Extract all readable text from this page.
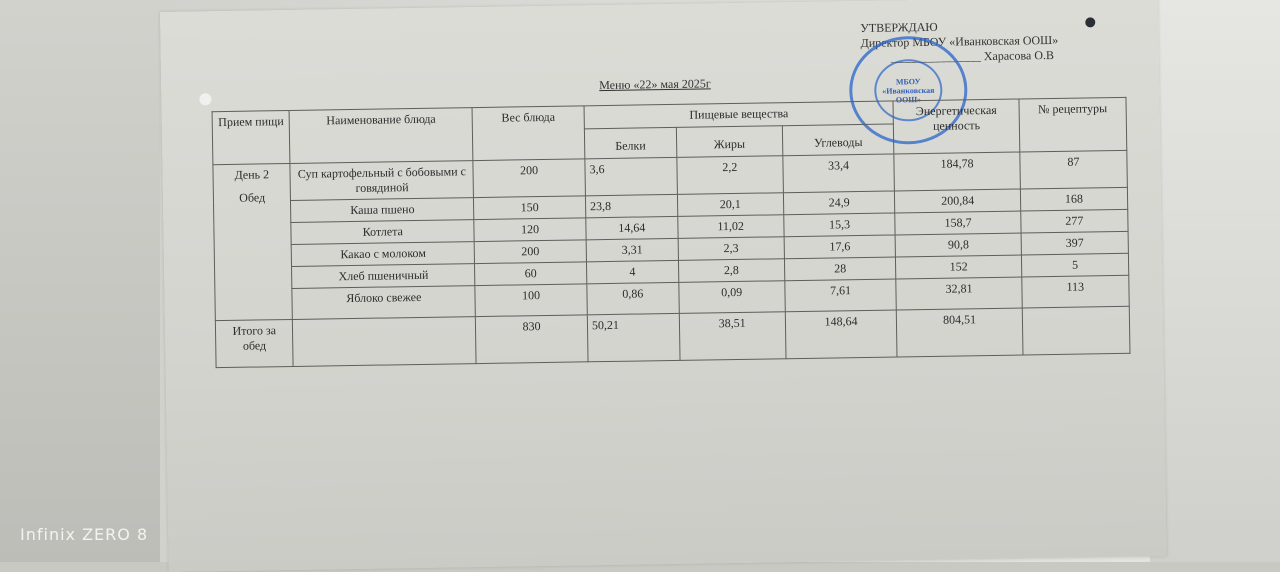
УТВЕРЖДАЮ
Директор МБОУ «Иванковская ООШ»
_______________ Харасова О.В
МБОУ
«Иванковская
ООШ»
Меню «22» мая 2025г
Прием пищи	Наименование блюда	Вес блюда	Пищевые вещества			Энергетическая ценность	№ рецептуры
			Белки	Жиры	Углеводы		

День 2
Обед	Суп картофельный с бобовыми с говядиной	200	3,6	2,2	33,4	184,78	87
	Каша пшено	150	23,8	20,1	24,9	200,84	168
	Котлета	120	14,64	11,02	15,3	158,7	277
	Какао с молоком	200	3,31	2,3	17,6	90,8	397
	Хлеб пшеничный	60	4	2,8	28	152	5
	Яблоко свежее	100	0,86	0,09	7,61	32,81	113
Итого за обед		830	50,21	38,51	148,64	804,51	
Infinix ZERO 8
